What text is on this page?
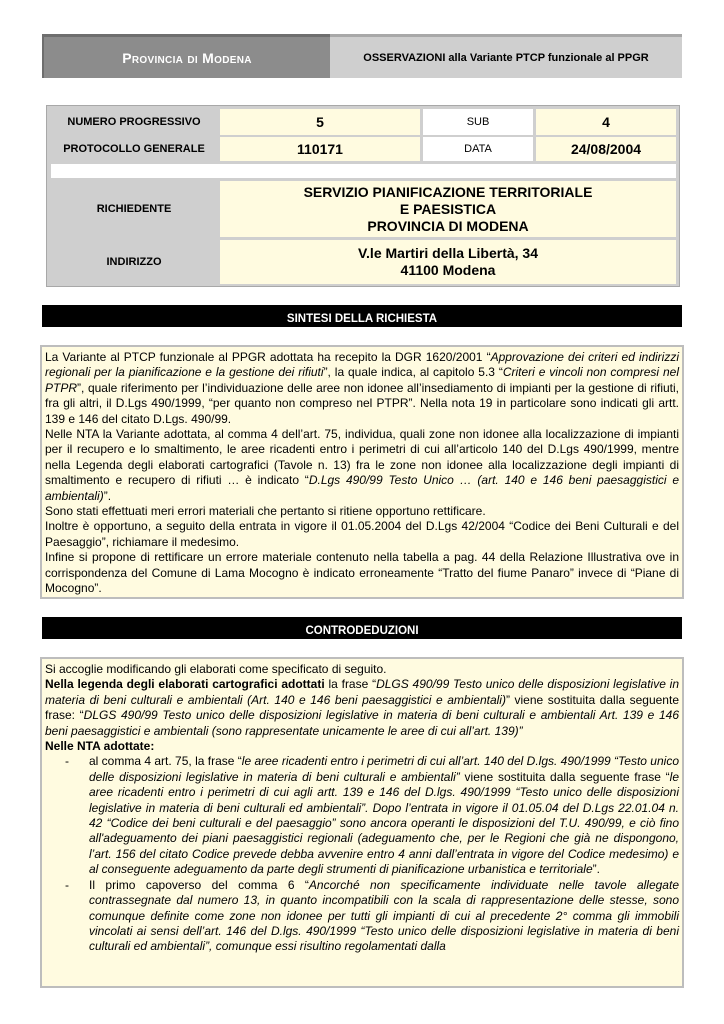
Provincia di Modena	OSSERVAZIONI alla Variante PTCP funzionale al PPGR
NUMERO PROGRESSIVO	5	SUB	4
PROTOCOLLO GENERALE	110171	DATA	24/08/2004
RICHIEDENTE
SERVIZIO PIANIFICAZIONE TERRITORIALE
E PAESISTICA
PROVINCIA DI MODENA
INDIRIZZO
V.le Martiri della Libertà, 34
41100 Modena
SINTESI DELLA RICHIESTA

La Variante al PTCP funzionale al PPGR adottata ha recepito la DGR 1620/2001 “Approvazione dei criteri ed indirizzi regionali per la pianificazione e la gestione dei rifiuti”, la quale indica, al capitolo 5.3 “Criteri e vincoli non compresi nel PTPR”, quale riferimento per l’individuazione delle aree non idonee all’insediamento di impianti per la gestione di rifiuti, fra gli altri, il D.Lgs 490/1999, “per quanto non compreso nel PTPR”. Nella nota 19 in particolare sono indicati gli artt. 139 e 146 del citato D.Lgs. 490/99.

Nelle NTA la Variante adottata, al comma 4 dell’art. 75, individua, quali zone non idonee alla localizzazione di impianti per il recupero e lo smaltimento, le aree ricadenti entro i perimetri di cui all’articolo 140 del D.Lgs 490/1999, mentre nella Legenda degli elaborati cartografici (Tavole n. 13) fra le zone non idonee alla localizzazione degli impianti di smaltimento e recupero di rifiuti … è indicato “D.Lgs 490/99 Testo Unico … (art. 140 e 146 beni paesaggistici e ambientali)”.

Sono stati effettuati meri errori materiali che pertanto si ritiene opportuno rettificare.

Inoltre è opportuno, a seguito della entrata in vigore il 01.05.2004 del D.Lgs 42/2004 “Codice dei Beni Culturali e del Paesaggio”, richiamare il medesimo.

Infine si propone di rettificare un errore materiale contenuto nella tabella a pag. 44 della Relazione Illustrativa ove in corrispondenza del Comune di Lama Mocogno è indicato erroneamente “Tratto del fiume Panaro” invece di “Piane di Mocogno”.

CONTRODEDUZIONI

Si accoglie modificando gli elaborati come specificato di seguito.

Nella legenda degli elaborati cartografici adottati la frase “DLGS 490/99 Testo unico delle disposizioni legislative in materia di beni culturali e ambientali (Art. 140 e 146 beni paesaggistici e ambientali)” viene sostituita dalla seguente frase: “DLGS 490/99 Testo unico delle disposizioni legislative in materia di beni culturali e ambientali Art. 139 e 146 beni paesaggistici e ambientali (sono rappresentate unicamente le aree di cui all’art. 139)”

Nelle NTA adottate:

- al comma 4 art. 75, la frase “le aree ricadenti entro i perimetri di cui all’art. 140 del D.lgs. 490/1999 “Testo unico delle disposizioni legislative in materia di beni culturali e ambientali” viene sostituita dalla seguente frase “le aree ricadenti entro i perimetri di cui agli artt. 139 e 146 del D.lgs. 490/1999 “Testo unico delle disposizioni legislative in materia di beni culturali ed ambientali”. Dopo l’entrata in vigore il 01.05.04 del D.Lgs 22.01.04 n. 42 “Codice dei beni culturali e del paesaggio” sono ancora operanti le disposizioni del T.U. 490/99, e ciò fino all'adeguamento dei piani paesaggistici regionali (adeguamento che, per le Regioni che già ne dispongono, l’art. 156 del citato Codice prevede debba avvenire entro 4 anni dall’entrata in vigore del Codice medesimo) e al conseguente adeguamento da parte degli strumenti di pianificazione urbanistica e territoriale”.
- Il primo capoverso del comma 6 “Ancorché non specificamente individuate nelle tavole allegate contrassegnate dal numero 13, in quanto incompatibili con la scala di rappresentazione delle stesse, sono comunque definite come zone non idonee per tutti gli impianti di cui al precedente 2° comma gli immobili vincolati ai sensi dell’art. 146 del D.lgs. 490/1999 “Testo unico delle disposizioni legislative in materia di beni culturali ed ambientali”, comunque essi risultino regolamentati dalla
